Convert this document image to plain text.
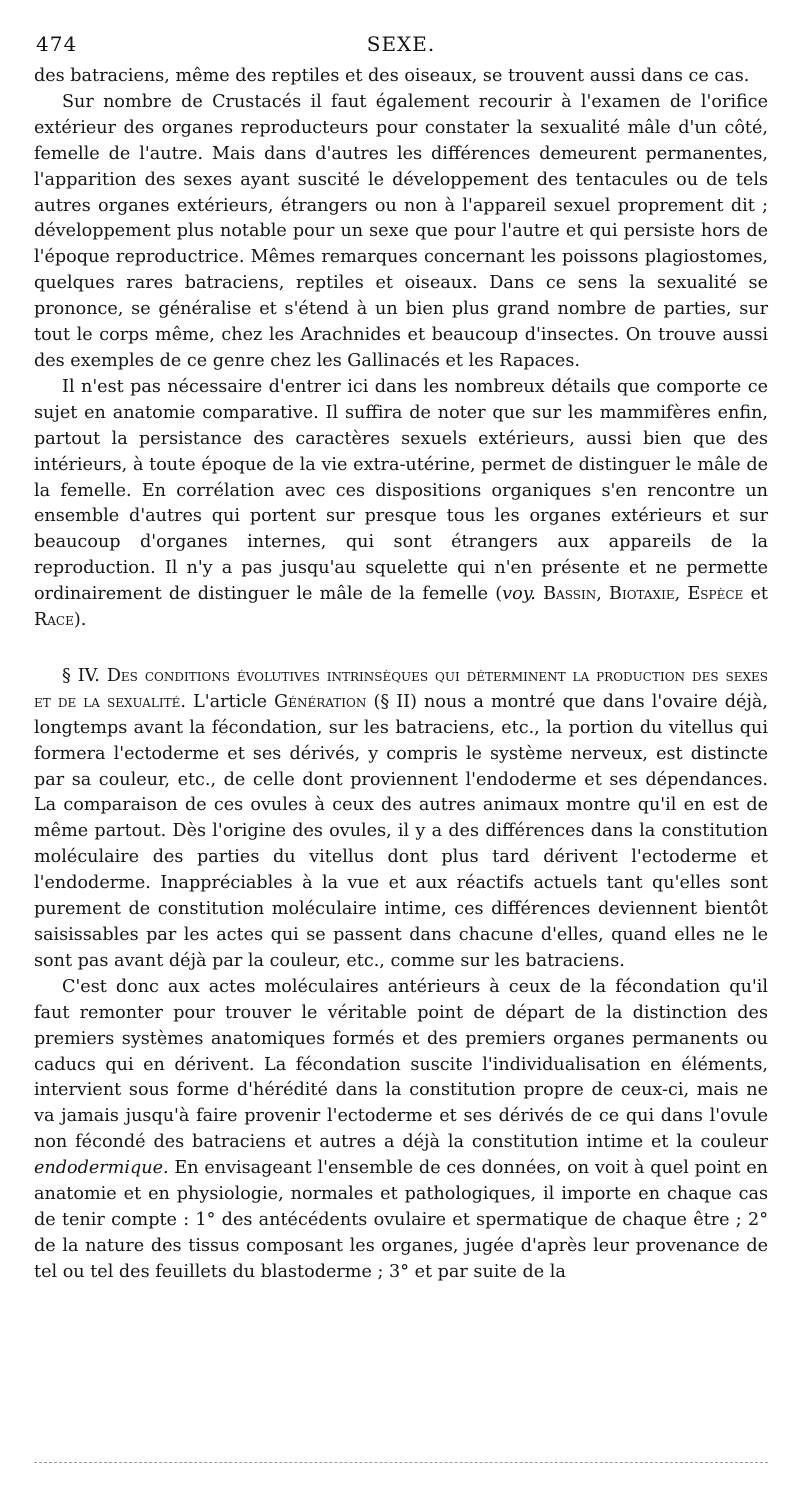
474	SEXE.

des batraciens, même des reptiles et des oiseaux, se trouvent aussi dans ce cas.

Sur nombre de Crustacés il faut également recourir à l'examen de l'orifice extérieur des organes reproducteurs pour constater la sexualité mâle d'un côté, femelle de l'autre. Mais dans d'autres les différences demeurent permanentes, l'apparition des sexes ayant suscité le développement des tentacules ou de tels autres organes extérieurs, étrangers ou non à l'appareil sexuel proprement dit ; développement plus notable pour un sexe que pour l'autre et qui persiste hors de l'époque reproductrice. Mêmes remarques concernant les poissons plagiostomes, quelques rares batraciens, reptiles et oiseaux. Dans ce sens la sexualité se prononce, se généralise et s'étend à un bien plus grand nombre de parties, sur tout le corps même, chez les Arachnides et beaucoup d'insectes. On trouve aussi des exemples de ce genre chez les Gallinacés et les Rapaces.

Il n'est pas nécessaire d'entrer ici dans les nombreux détails que comporte ce sujet en anatomie comparative. Il suffira de noter que sur les mammifères enfin, partout la persistance des caractères sexuels extérieurs, aussi bien que des intérieurs, à toute époque de la vie extra-utérine, permet de distinguer le mâle de la femelle. En corrélation avec ces dispositions organiques s'en rencontre un ensemble d'autres qui portent sur presque tous les organes extérieurs et sur beaucoup d'organes internes, qui sont étrangers aux appareils de la reproduction. Il n'y a pas jusqu'au squelette qui n'en présente et ne permette ordinairement de distinguer le mâle de la femelle (voy. Bassin, Biotaxie, Espèce et Race).

§ IV. Des conditions évolutives intrinsèques qui déterminent la production des sexes et de la sexualité. L'article Génération (§ II) nous a montré que dans l'ovaire déjà, longtemps avant la fécondation, sur les batraciens, etc., la portion du vitellus qui formera l'ectoderme et ses dérivés, y compris le système nerveux, est distincte par sa couleur, etc., de celle dont proviennent l'endoderme et ses dépendances. La comparaison de ces ovules à ceux des autres animaux montre qu'il en est de même partout. Dès l'origine des ovules, il y a des différences dans la constitution moléculaire des parties du vitellus dont plus tard dérivent l'ectoderme et l'endoderme. Inappréciables à la vue et aux réactifs actuels tant qu'elles sont purement de constitution moléculaire intime, ces différences deviennent bientôt saisissables par les actes qui se passent dans chacune d'elles, quand elles ne le sont pas avant déjà par la couleur, etc., comme sur les batraciens.

C'est donc aux actes moléculaires antérieurs à ceux de la fécondation qu'il faut remonter pour trouver le véritable point de départ de la distinction des premiers systèmes anatomiques formés et des premiers organes permanents ou caducs qui en dérivent. La fécondation suscite l'individualisation en éléments, intervient sous forme d'hérédité dans la constitution propre de ceux-ci, mais ne va jamais jusqu'à faire provenir l'ectoderme et ses dérivés de ce qui dans l'ovule non fécondé des batraciens et autres a déjà la constitution intime et la couleur endodermique. En envisageant l'ensemble de ces données, on voit à quel point en anatomie et en physiologie, normales et pathologiques, il importe en chaque cas de tenir compte : 1° des antécédents ovulaire et spermatique de chaque être ; 2° de la nature des tissus composant les organes, jugée d'après leur provenance de tel ou tel des feuillets du blastoderme ; 3° et par suite de la
